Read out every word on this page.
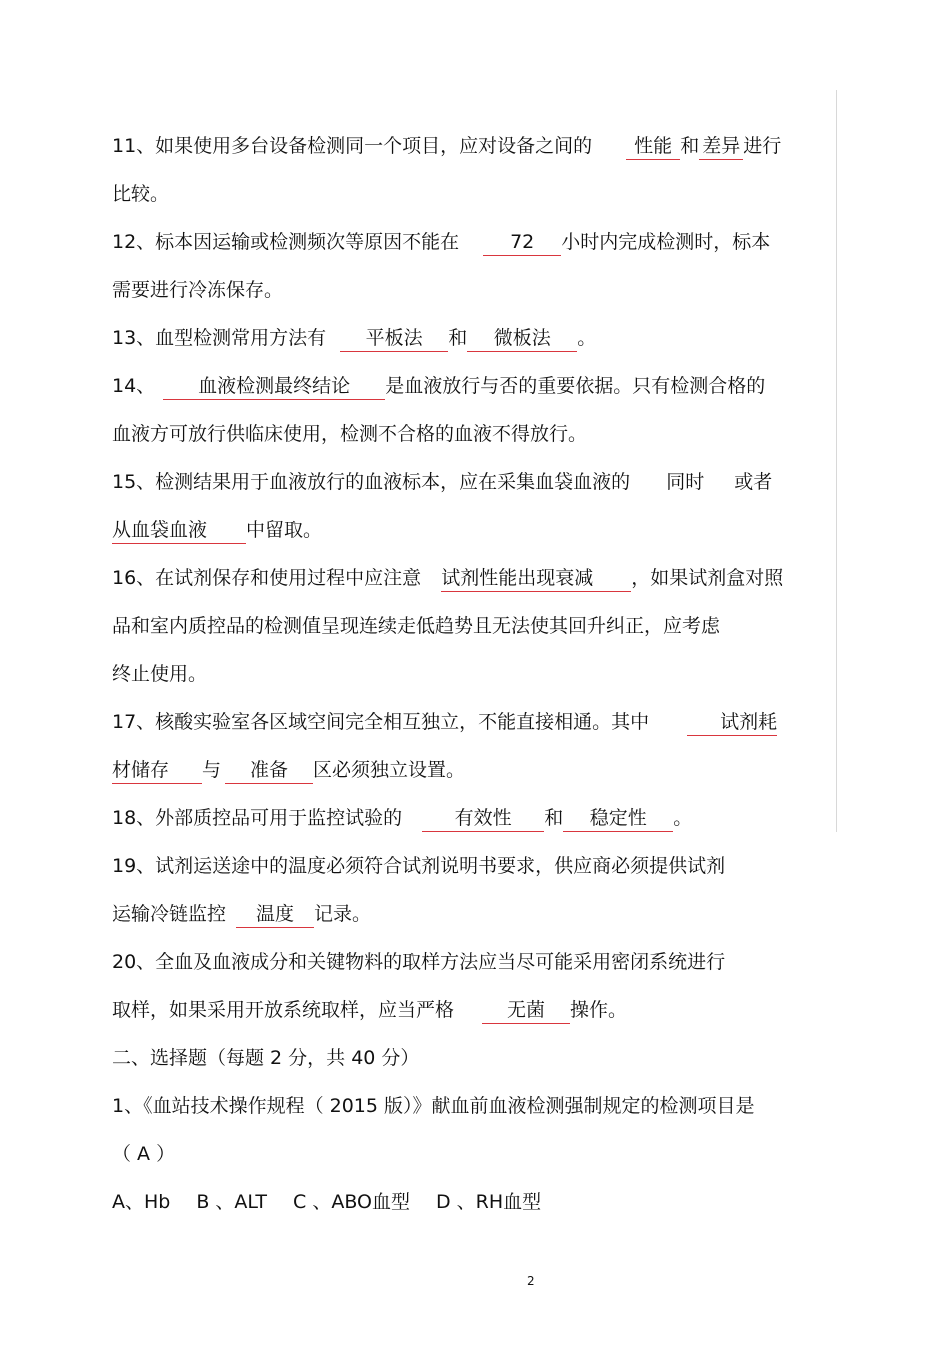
11、如果使用多台设备检测同一个项目，应对设备之间的 性能 和 差异 进行
比较。
12、标本因运输或检测频次等原因不能在	72 小时内完成检测时，标本
需要进行冷冻保存。
13、血型检测常用方法有 平板法 和 微板法 。
14、 血液检测最终结论 是血液放行与否的重要依据。只有检测合格的
血液方可放行供临床使用，检测不合格的血液不得放行。
15、检测结果用于血液放行的血液标本，应在采集血袋血液的 同时 或者
从血袋血液 中留取。
16、在试剂保存和使用过程中应注意 试剂性能出现衰减 ，如果试剂盒对照
品和室内质控品的检测值呈现连续走低趋势且无法使其回升纠正，应考虑
终止使用。
17、核酸实验室各区域空间完全相互独立，不能直接相通。其中	试剂耗
材储存 与 准备 区必须独立设置。
18、外部质控品可用于监控试验的	有效性 和 稳定性 。
19、试剂运送途中的温度必须符合试剂说明书要求，供应商必须提供试剂
运输冷链监控 温度 记录。
20、全血及血液成分和关键物料的取样方法应当尽可能采用密闭系统进行
取样，如果采用开放系统取样，应当严格	无菌 操作。
二、选择题（每题 2 分，共 40 分）
1、《血站技术操作规程（ 2015 版）》献血前血液检测强制规定的检测项目是
（ A ）
A、Hb B 、ALT C 、ABO血型 D 、RH血型
2
